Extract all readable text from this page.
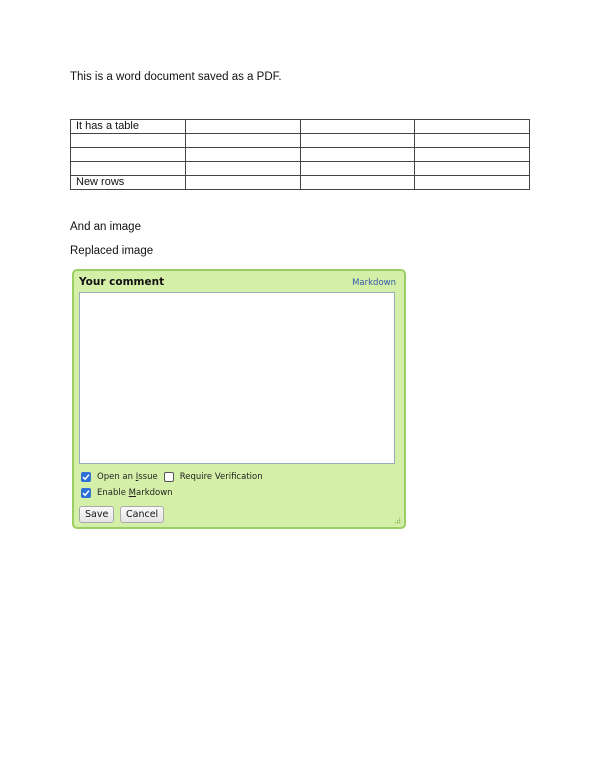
This is a word document saved as a PDF.

It has a table			

New rows			

And an image

Replaced image

Your comment	Markdown
Open an Issue	Require Verification
Enable Markdown
Save	Cancel
